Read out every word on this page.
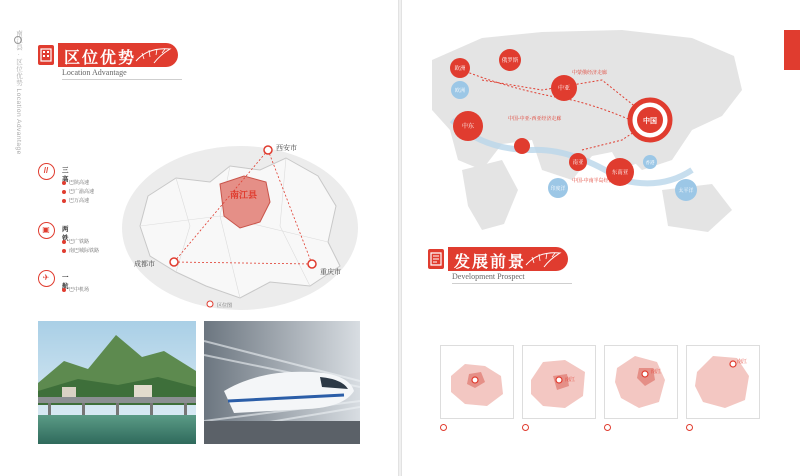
南江县 · 区位优势 Location Advantage	区位优势
Location Advantage
南江县
西安市
成都市
重庆市
区位图
//	三高 巴陕高速
巴广渝高速
巴万高速
▣	两铁 巴广铁路
南巴城际铁路
✈	一航 巴中机场
欧洲
欧洲
俄罗斯
中亚
中东
南亚
印度洋
东南亚
中国
香港
太平洋
中蒙俄经济走廊
中国-中亚-西亚经济走廊
中国-中南半岛经济走廊
发展前景
Development Prospect
南江
南江
南江
